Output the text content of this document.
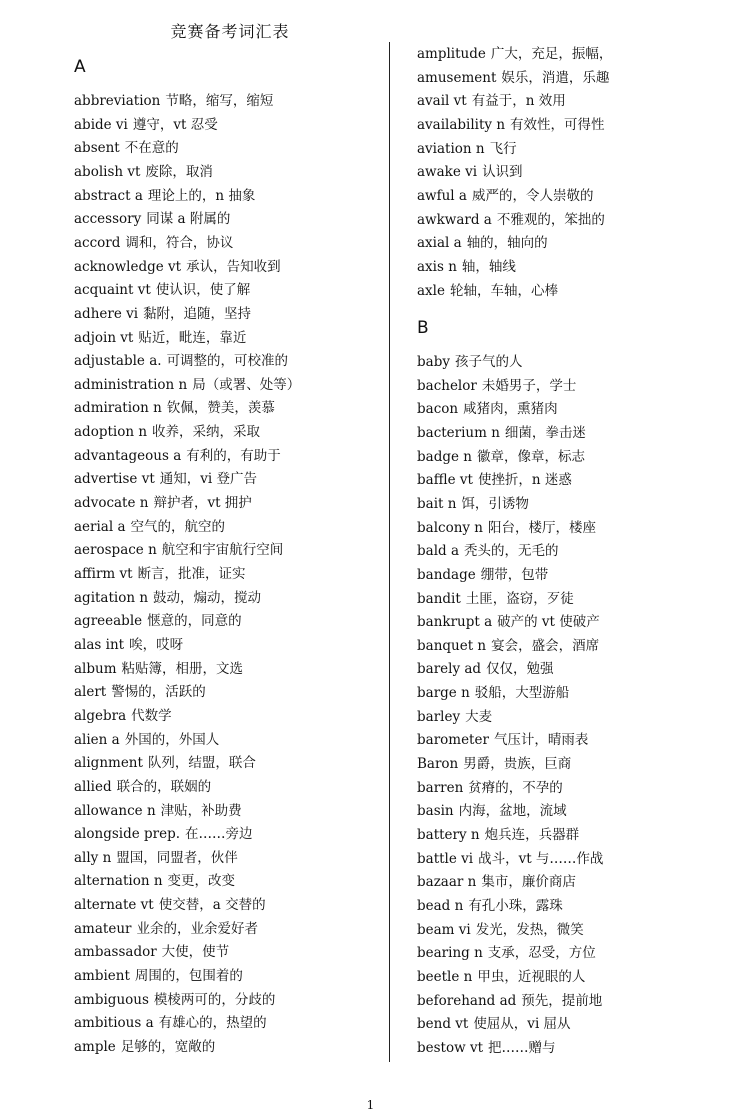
竞赛备考词汇表
A
abbreviation 节略，缩写，缩短
abide vi 遵守，vt 忍受
absent 不在意的
abolish vt 废除，取消
abstract a 理论上的，n 抽象
accessory 同谋 a 附属的
accord 调和，符合，协议
acknowledge vt 承认，告知收到
acquaint vt 使认识，使了解
adhere vi 黏附，追随，坚持
adjoin vt 贴近，毗连，靠近
adjustable a. 可调整的，可校准的
administration n 局（或署、处等）
admiration n 钦佩，赞美，羡慕
adoption n 收养，采纳，采取
advantageous a 有利的，有助于
advertise vt 通知，vi 登广告
advocate n 辩护者，vt 拥护
aerial a 空气的，航空的
aerospace n 航空和宇宙航行空间
affirm vt 断言，批准，证实
agitation n 鼓动，煽动，搅动
agreeable 惬意的，同意的
alas int 唉，哎呀
album 粘贴簿，相册，文选
alert 警惕的，活跃的
algebra 代数学
alien a 外国的，外国人
alignment 队列，结盟，联合
allied 联合的，联姻的
allowance n 津贴，补助费
alongside prep. 在……旁边
ally n 盟国，同盟者，伙伴
alternation n 变更，改变
alternate vt 使交替，a 交替的
amateur 业余的，业余爱好者
ambassador 大使，使节
ambient 周围的，包围着的
ambiguous 模棱两可的，分歧的
ambitious a 有雄心的，热望的
ample 足够的，宽敞的
B
amplitude 广大，充足，振幅，
amusement 娱乐，消遣，乐趣
avail vt 有益于，n 效用
availability n 有效性，可得性
aviation n 飞行
awake vi 认识到
awful a 威严的，令人崇敬的
awkward a 不雅观的，笨拙的
axial a 轴的，轴向的
axis n 轴，轴线
axle 轮轴，车轴，心棒
baby 孩子气的人
bachelor 未婚男子，学士
bacon 咸猪肉，熏猪肉
bacterium n 细菌，拳击迷
badge n 徽章，像章，标志
baffle vt 使挫折，n 迷惑
bait n 饵，引诱物
balcony n 阳台，楼厅，楼座
bald a 秃头的，无毛的
bandage 绷带，包带
bandit 土匪，盗窃，歹徒
bankrupt a 破产的 vt 使破产
banquet n 宴会，盛会，酒席
barely ad 仅仅，勉强
barge n 驳船，大型游船
barley 大麦
barometer 气压计，晴雨表
Baron 男爵，贵族，巨商
barren 贫瘠的，不孕的
basin 内海，盆地，流域
battery n 炮兵连，兵器群
battle vi 战斗，vt 与……作战
bazaar n 集市，廉价商店
bead n 有孔小珠，露珠
beam vi 发光，发热，微笑
bearing n 支承，忍受，方位
beetle n 甲虫，近视眼的人
beforehand ad 预先，提前地
bend vt 使屈从，vi 屈从
bestow vt 把……赠与
1
